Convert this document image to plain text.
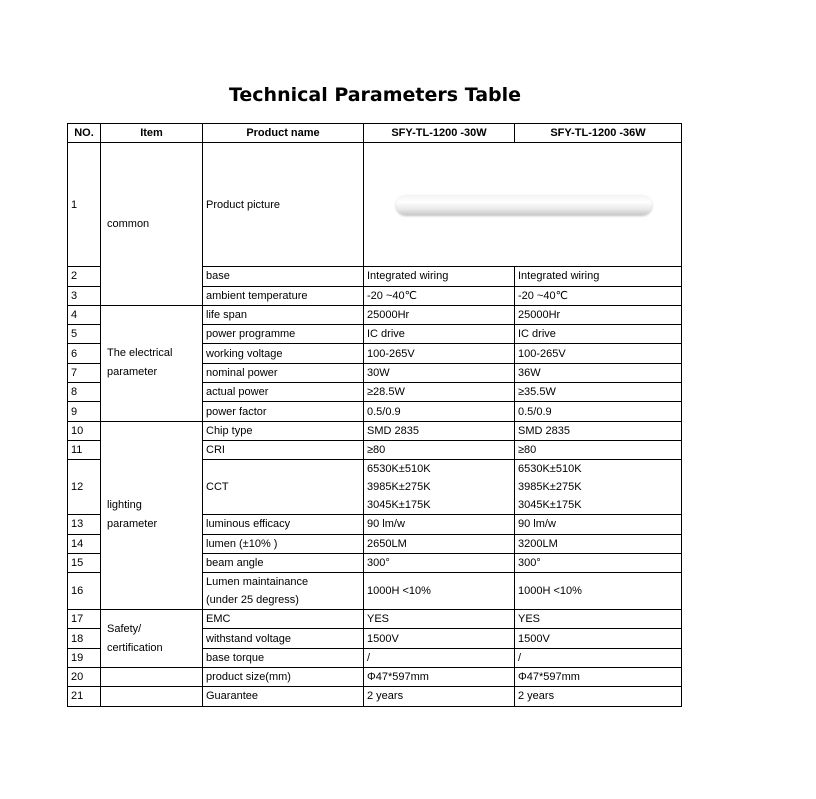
Technical Parameters Table
NO.	Item	Product name	SFY-TL-1200 -30W	SFY-TL-1200 -36W
1	common	Product picture		

2		base	Integrated wiring	Integrated wiring
3		ambient temperature	-20 ~40℃	-20 ~40℃
4	The electrical
parameter	life span	25000Hr	25000Hr
5		power programme	IC drive	IC drive
6		working voltage	100-265V	100-265V
7		nominal power	30W	36W
8		actual power	≥28.5W	≥35.5W
9		power factor	0.5/0.9	0.5/0.9
10	lighting
parameter	Chip type	SMD 2835	SMD 2835
11		CRI	≥80	≥80
12		CCT	6530K±510K
3985K±275K
3045K±175K	6530K±510K
3985K±275K
3045K±175K

13		luminous efficacy	90 lm/w	90 lm/w
14		lumen (±10% )	2650LM	3200LM
15		beam angle	300°	300°
16		Lumen maintainance
(under 25 degress)	1000H <10%	1000H <10%
17	Safety/
certification	EMC	YES	YES
18		withstand voltage	1500V	1500V
19		base torque	/	/
20		product size(mm)	Φ47*597mm	Φ47*597mm
21		Guarantee	2 years	2 years
